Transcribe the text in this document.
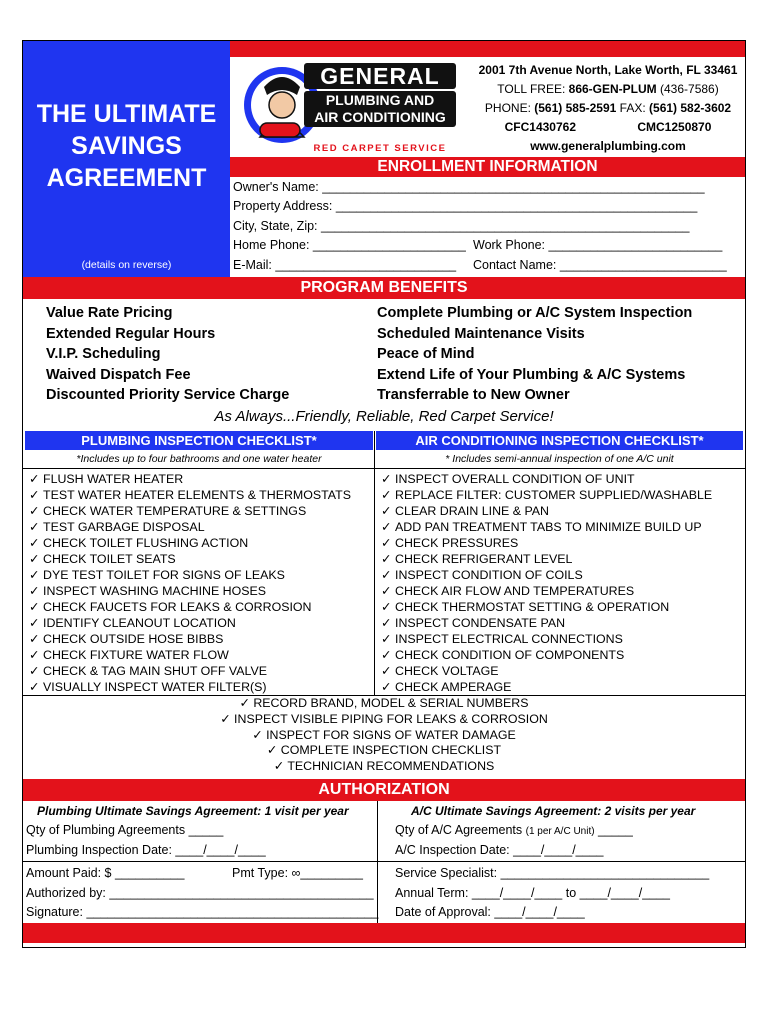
THE ULTIMATE
SAVINGS
AGREEMENT
(details on reverse)
GENERAL
PLUMBING AND
AIR CONDITIONING
RED CARPET SERVICE
2001 7th Avenue North, Lake Worth, FL 33461
TOLL FREE: 866-GEN-PLUM (436-7586)
PHONE: (561) 585-2591 FAX: (561) 582-3602
CFC1430762	CMC1250870
www.generalplumbing.com
ENROLLMENT INFORMATION
Owner's Name: _______________________________________________________
Property Address: ____________________________________________________
City, State, Zip: _____________________________________________________
Home Phone: ______________________ Work Phone: _________________________
E-Mail: __________________________ Contact Name: ________________________
PROGRAM BENEFITS
Value Rate Pricing
Extended Regular Hours
V.I.P. Scheduling
Waived Dispatch Fee
Discounted Priority Service Charge
Complete Plumbing or A/C System Inspection
Scheduled Maintenance Visits
Peace of Mind
Extend Life of Your Plumbing & A/C Systems
Transferrable to New Owner
As Always...Friendly, Reliable, Red Carpet Service!
PLUMBING INSPECTION CHECKLIST*	AIR CONDITIONING INSPECTION CHECKLIST*
*Includes up to four bathrooms and one water heater	* Includes semi-annual inspection of one A/C unit
✓ FLUSH WATER HEATER
✓ TEST WATER HEATER ELEMENTS & THERMOSTATS
✓ CHECK WATER TEMPERATURE & SETTINGS
✓ TEST GARBAGE DISPOSAL
✓ CHECK TOILET FLUSHING ACTION
✓ CHECK TOILET SEATS
✓ DYE TEST TOILET FOR SIGNS OF LEAKS
✓ INSPECT WASHING MACHINE HOSES
✓ CHECK FAUCETS FOR LEAKS & CORROSION
✓ IDENTIFY CLEANOUT LOCATION
✓ CHECK OUTSIDE HOSE BIBBS
✓ CHECK FIXTURE WATER FLOW
✓ CHECK & TAG MAIN SHUT OFF VALVE
✓ VISUALLY INSPECT WATER FILTER(S)
✓ INSPECT OVERALL CONDITION OF UNIT
✓ REPLACE FILTER: CUSTOMER SUPPLIED/WASHABLE
✓ CLEAR DRAIN LINE & PAN
✓ ADD PAN TREATMENT TABS TO MINIMIZE BUILD UP
✓ CHECK PRESSURES
✓ CHECK REFRIGERANT LEVEL
✓ INSPECT CONDITION OF COILS
✓ CHECK AIR FLOW AND TEMPERATURES
✓ CHECK THERMOSTAT SETTING & OPERATION
✓ INSPECT CONDENSATE PAN
✓ INSPECT ELECTRICAL CONNECTIONS
✓ CHECK CONDITION OF COMPONENTS
✓ CHECK VOLTAGE
✓ CHECK AMPERAGE
✓ RECORD BRAND, MODEL & SERIAL NUMBERS
✓ INSPECT VISIBLE PIPING FOR LEAKS & CORROSION
✓ INSPECT FOR SIGNS OF WATER DAMAGE
✓ COMPLETE INSPECTION CHECKLIST
✓ TECHNICIAN RECOMMENDATIONS
AUTHORIZATION
Plumbing Ultimate Savings Agreement: 1 visit per year	A/C Ultimate Savings Agreement: 2 visits per year
Qty of Plumbing Agreements _____	Qty of A/C Agreements (1 per A/C Unit) _____
Plumbing Inspection Date: ____/____/____	A/C Inspection Date: ____/____/____
Amount Paid: $ __________	Pmt Type: ∞_________
Authorized by: ______________________________________
Signature: __________________________________________
Service Specialist: ______________________________
Annual Term: ____/____/____ to ____/____/____
Date of Approval: ____/____/____
